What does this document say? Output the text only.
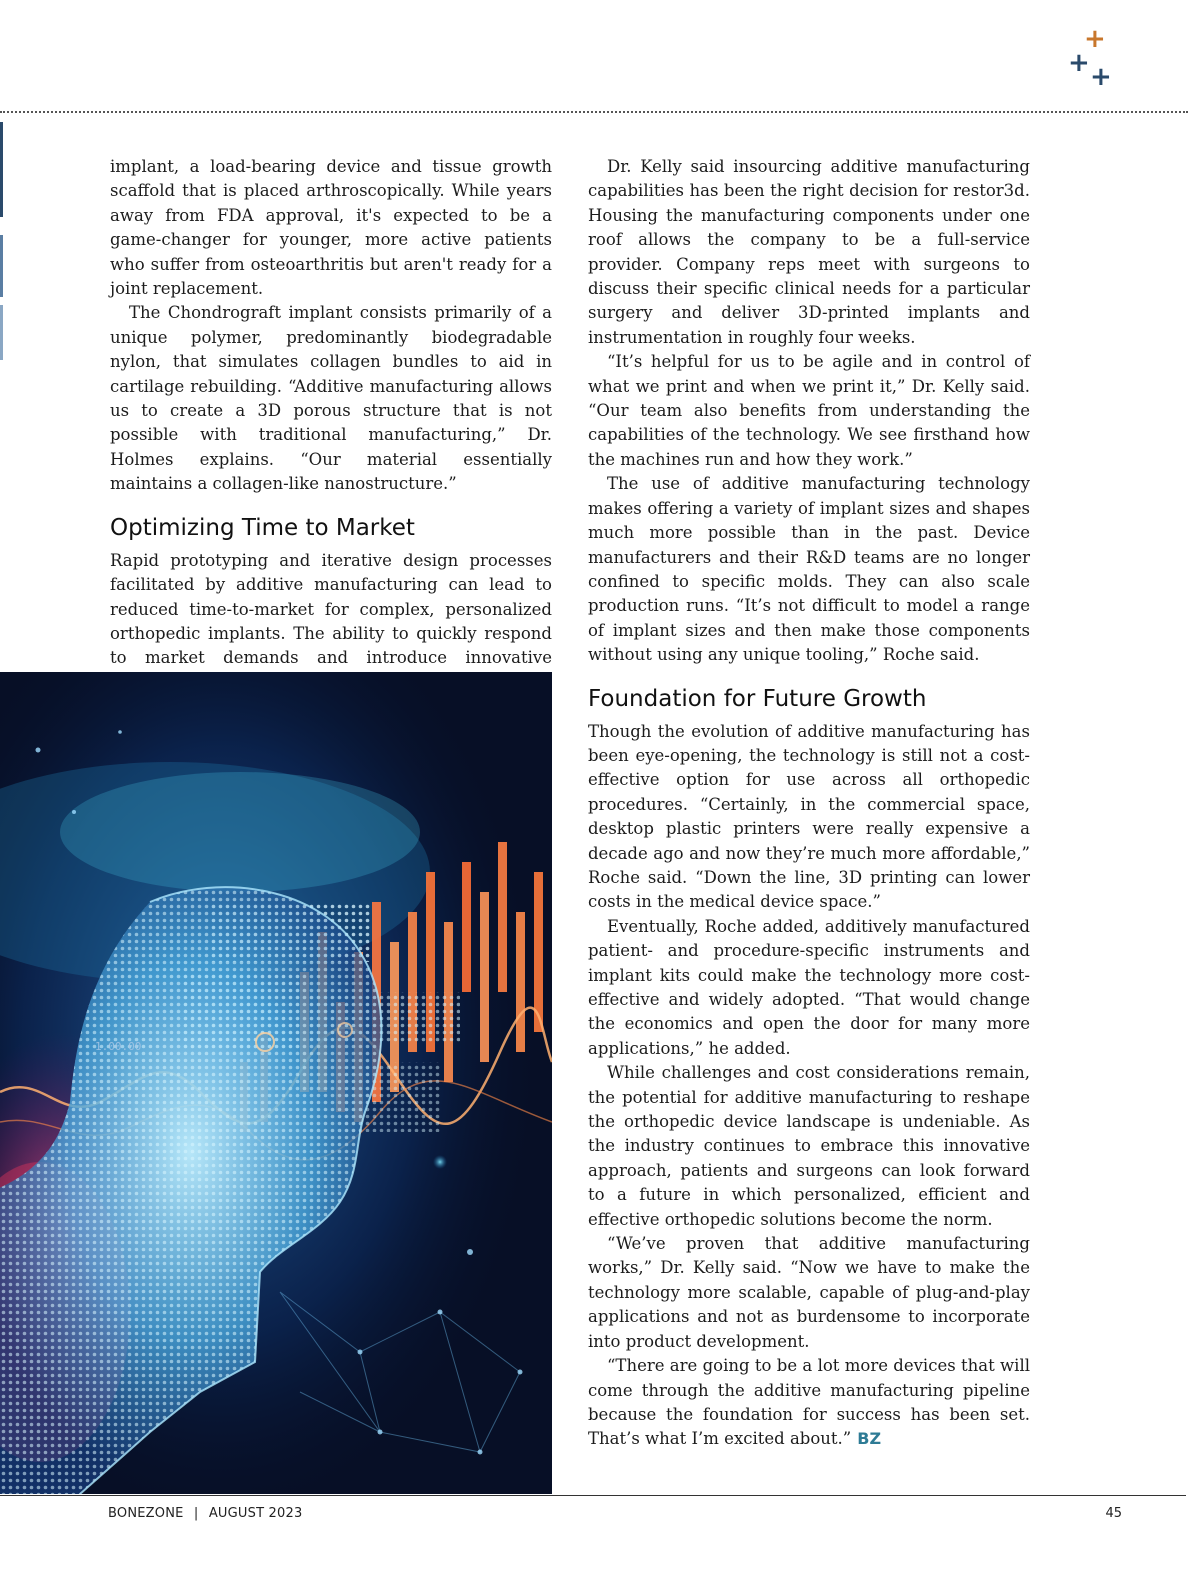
+
+ +

implant, a load-bearing device and tissue growth scaffold that is placed arthroscopically. While years away from FDA approval, it's expected to be a game-changer for younger, more active patients who suffer from osteoarthritis but aren't ready for a joint replacement.

The Chondrograft implant consists primarily of a unique polymer, predominantly biodegradable nylon, that simulates collagen bundles to aid in cartilage rebuilding. “Additive manufacturing allows us to create a 3D porous structure that is not possible with traditional manufacturing,” Dr. Holmes explains. “Our material essentially maintains a collagen-like nanostructure.”

Optimizing Time to Market

Rapid prototyping and iterative design processes facilitated by additive manufacturing can lead to reduced time-to-market for complex, personalized orthopedic implants. The ability to quickly respond to market demands and introduce innovative

1.00.00

Dr. Kelly said insourcing additive manufacturing capabilities has been the right decision for restor3d. Housing the manufacturing components under one roof allows the company to be a full-service provider. Company reps meet with surgeons to discuss their specific clinical needs for a particular surgery and deliver 3D-printed implants and instrumentation in roughly four weeks.

“It’s helpful for us to be agile and in control of what we print and when we print it,” Dr. Kelly said. “Our team also benefits from understanding the capabilities of the technology. We see firsthand how the machines run and how they work.”

The use of additive manufacturing technology makes offering a variety of implant sizes and shapes much more possible than in the past. Device manufacturers and their R&D teams are no longer confined to specific molds. They can also scale production runs. “It’s not difficult to model a range of implant sizes and then make those components without using any unique tooling,” Roche said.

Foundation for Future Growth

Though the evolution of additive manufacturing has been eye-opening, the technology is still not a cost-effective option for use across all orthopedic procedures. “Certainly, in the commercial space, desktop plastic printers were really expensive a decade ago and now they’re much more affordable,” Roche said. “Down the line, 3D printing can lower costs in the medical device space.”

Eventually, Roche added, additively manufactured patient- and procedure-specific instruments and implant kits could make the technology more cost-effective and widely adopted. “That would change the economics and open the door for many more applications,” he added.

While challenges and cost considerations remain, the potential for additive manufacturing to reshape the orthopedic device landscape is undeniable. As the industry continues to embrace this innovative approach, patients and surgeons can look forward to a future in which personalized, efficient and effective orthopedic solutions become the norm.

“We’ve proven that additive manufacturing works,” Dr. Kelly said. “Now we have to make the technology more scalable, capable of plug-and-play applications and not as burdensome to incorporate into product development.

“There are going to be a lot more devices that will come through the additive manufacturing pipeline because the foundation for success has been set. That’s what I’m excited about.” BZ

BONEZONE | AUGUST 2023	45
